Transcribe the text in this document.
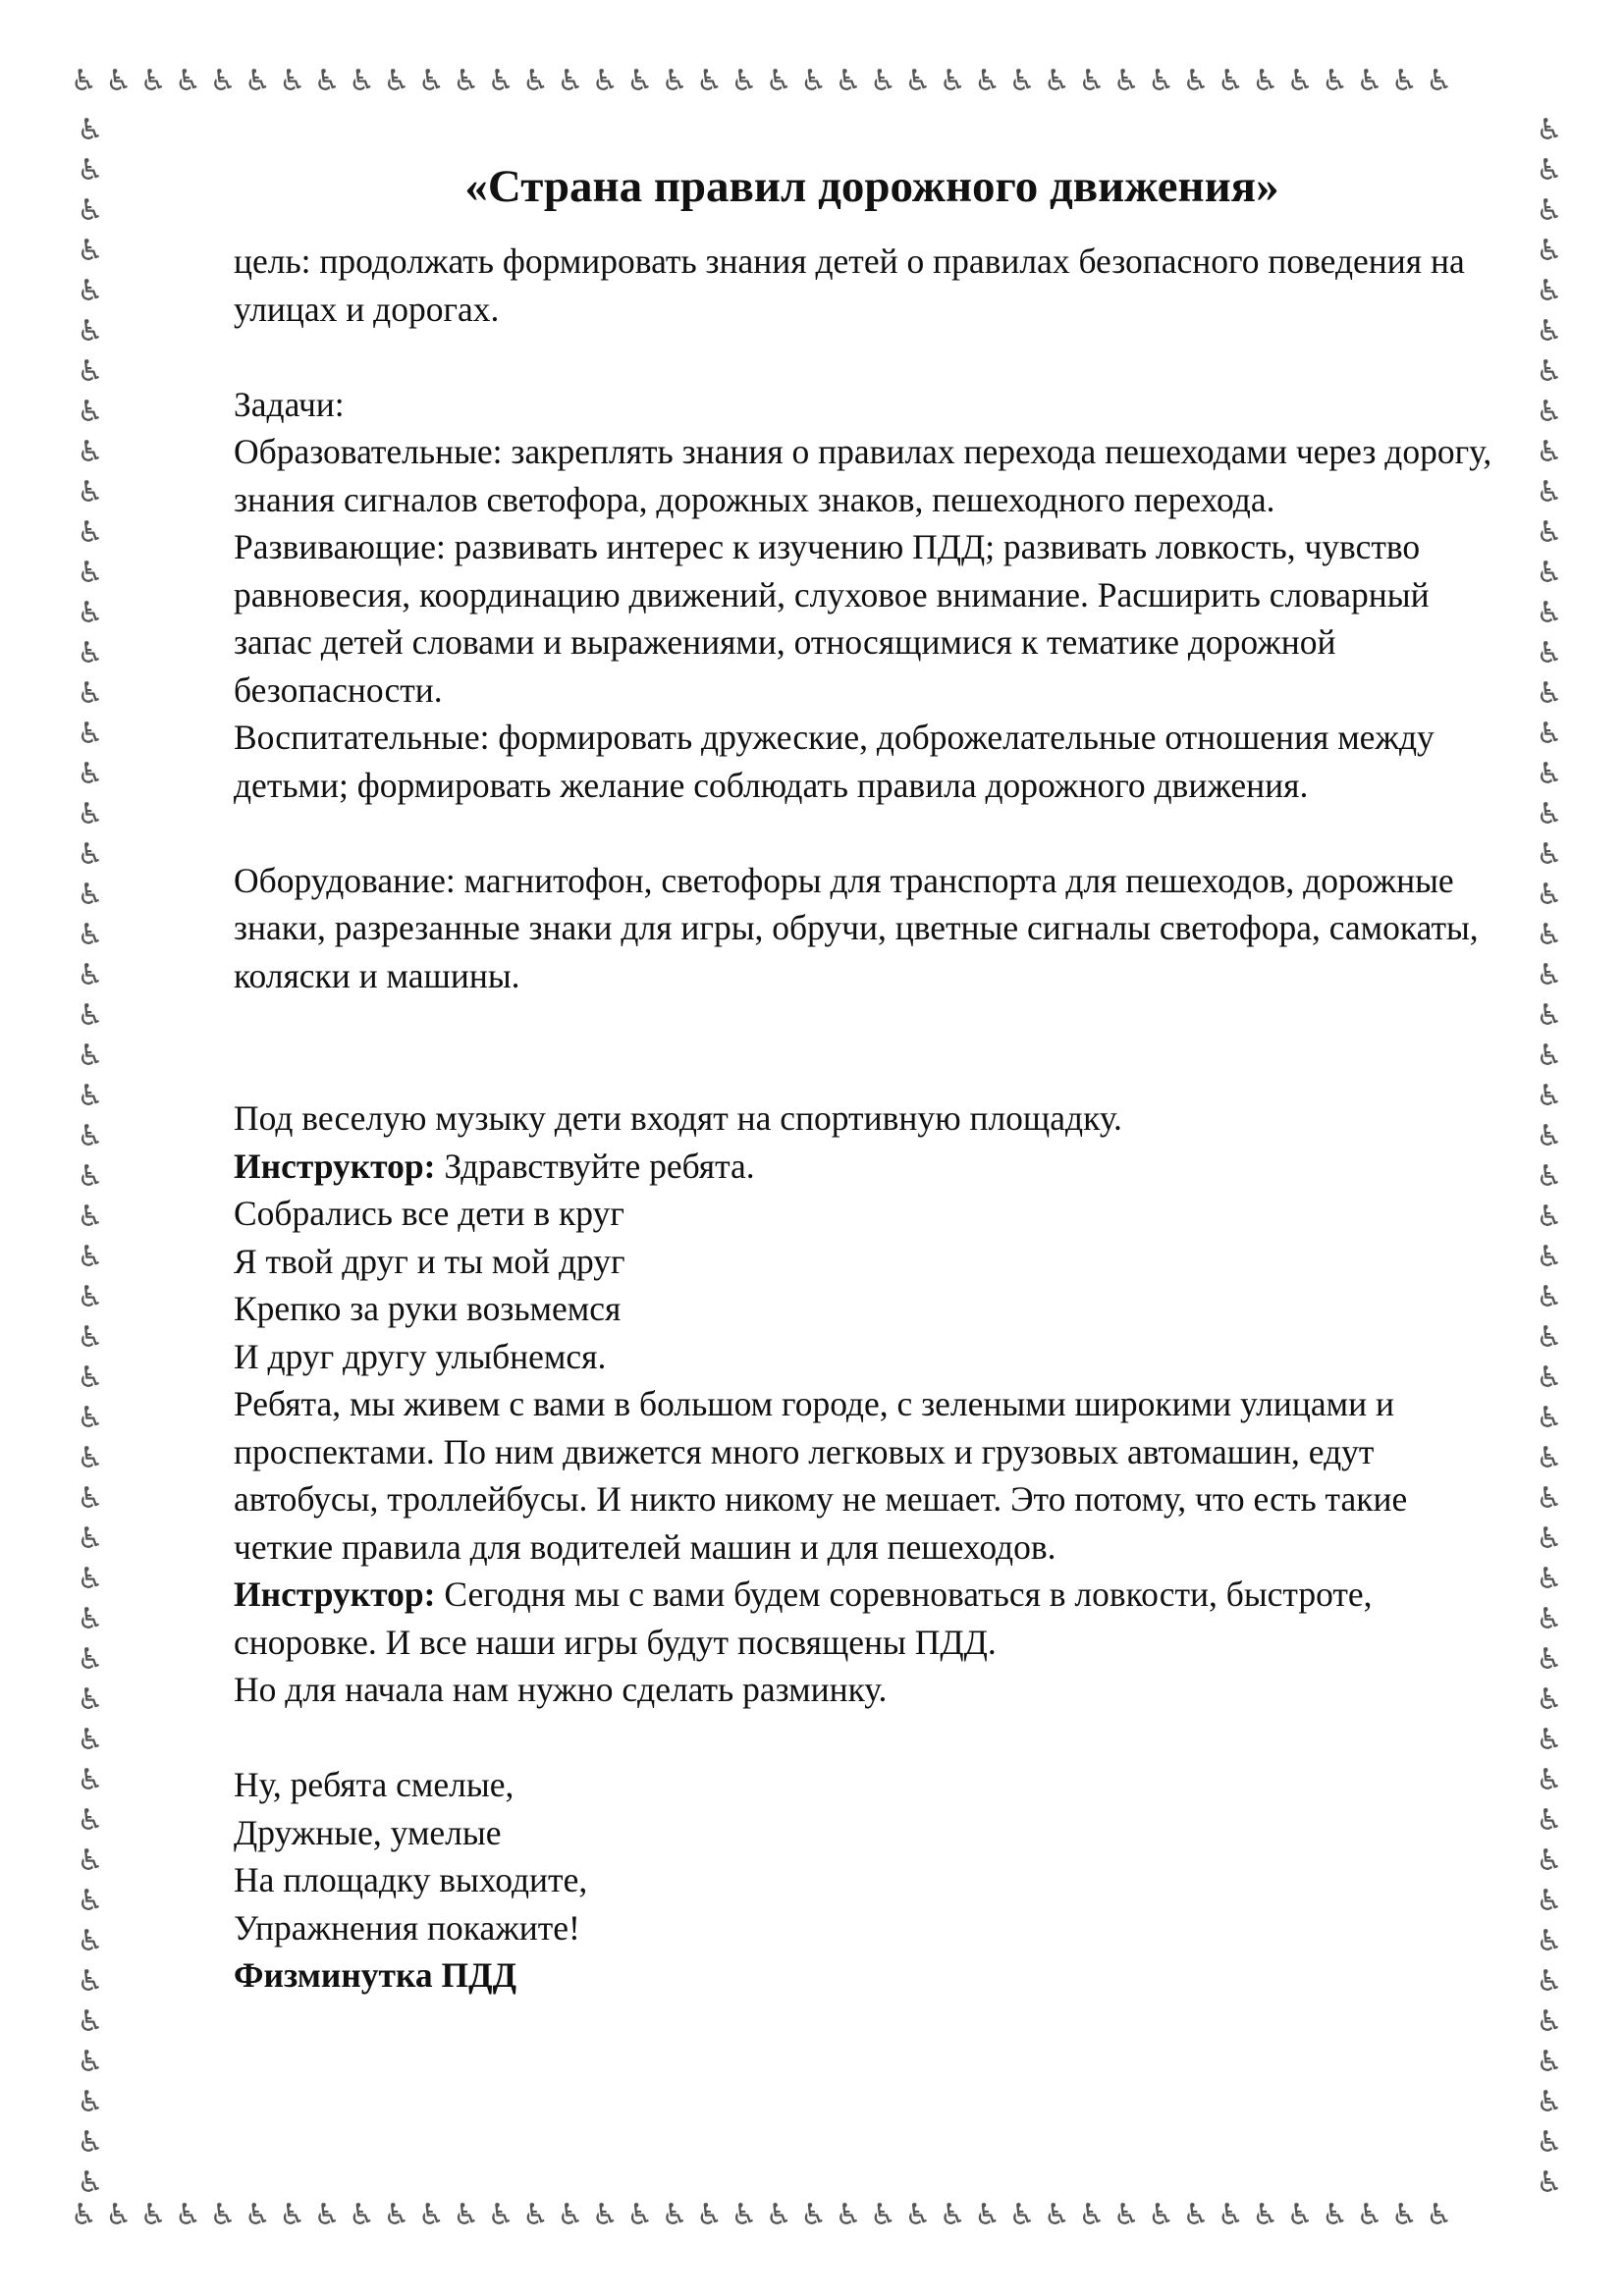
♿♿♿♿♿♿♿♿♿♿♿♿♿♿♿♿♿♿♿♿♿♿♿♿♿♿♿♿♿♿♿♿♿♿♿♿♿♿♿♿
♿♿♿♿♿♿♿♿♿♿♿♿♿♿♿♿♿♿♿♿♿♿♿♿♿♿♿♿♿♿♿♿♿♿♿♿♿♿♿♿♿♿♿♿♿♿♿♿♿♿♿♿
♿♿♿♿♿♿♿♿♿♿♿♿♿♿♿♿♿♿♿♿♿♿♿♿♿♿♿♿♿♿♿♿♿♿♿♿♿♿♿♿♿♿♿♿♿♿♿♿♿♿♿♿
♿♿♿♿♿♿♿♿♿♿♿♿♿♿♿♿♿♿♿♿♿♿♿♿♿♿♿♿♿♿♿♿♿♿♿♿♿♿♿♿
«Страна правил дорожного движения»

цель: продолжать формировать знания детей о правилах безопасного поведения на улицах и дорогах.

Задачи:

Образовательные: закреплять знания о правилах перехода пешеходами через дорогу, знания сигналов светофора, дорожных знаков, пешеходного перехода.

Развивающие: развивать интерес к изучению ПДД; развивать ловкость, чувство равновесия, координацию движений, слуховое внимание. Расширить словарный запас детей словами и выражениями, относящимися к тематике дорожной безопасности.

Воспитательные: формировать дружеские, доброжелательные отношения между детьми; формировать желание соблюдать правила дорожного движения.

Оборудование: магнитофон, светофоры для транспорта для пешеходов, дорожные знаки, разрезанные знаки для игры, обручи, цветные сигналы светофора, самокаты, коляски и машины.

Под веселую музыку дети входят на спортивную площадку.

Инструктор: Здравствуйте ребята.

Собрались все дети в круг

Я твой друг и ты мой друг

Крепко за руки возьмемся

И друг другу улыбнемся.

Ребята, мы живем с вами в большом городе, с зелеными широкими улицами и проспектами. По ним движется много легковых и грузовых автомашин, едут автобусы, троллейбусы. И никто никому не мешает. Это потому, что есть такие четкие правила для водителей машин и для пешеходов.

Инструктор: Сегодня мы с вами будем соревноваться в ловкости, быстроте, сноровке. И все наши игры будут посвящены ПДД.

Но для начала нам нужно сделать разминку.

Ну, ребята смелые,

Дружные, умелые

На площадку выходите,

Упражнения покажите!

Физминутка ПДД
